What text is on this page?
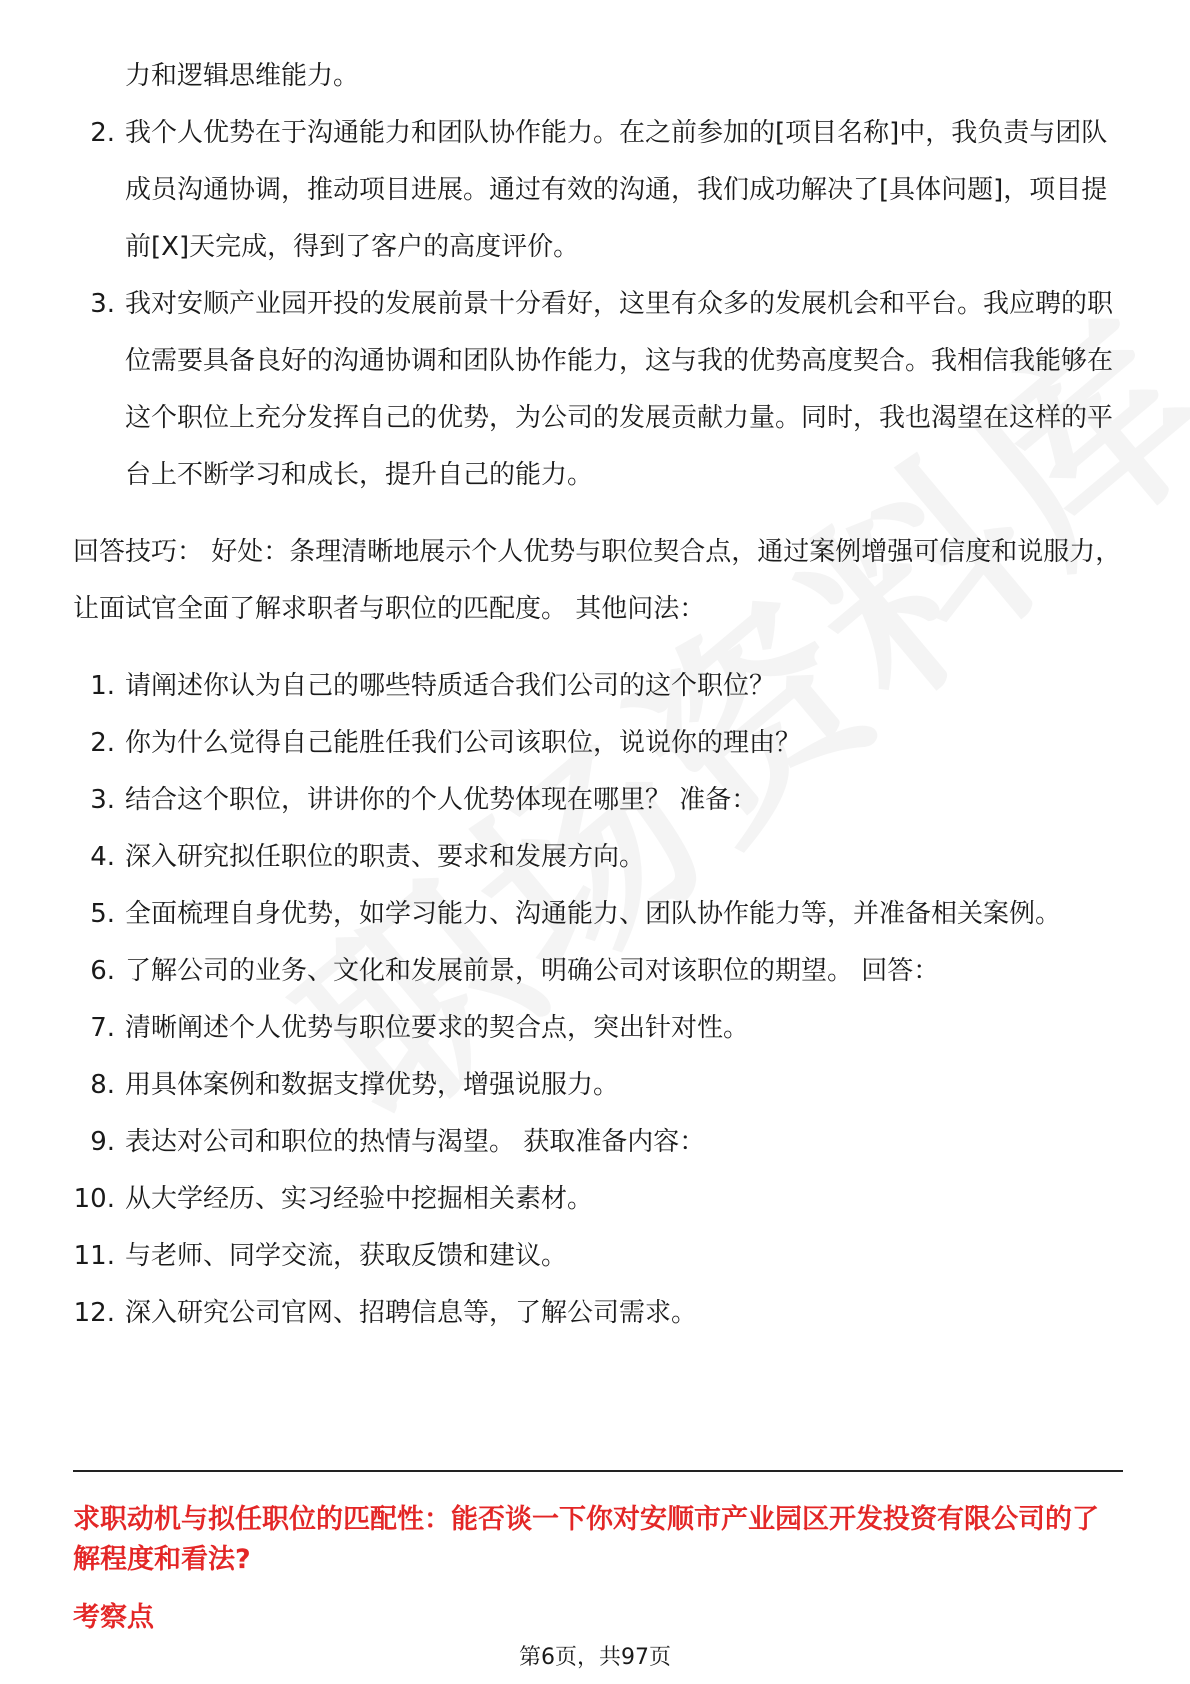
力和逻辑思维能力。
2. 我个人优势在于沟通能力和团队协作能力。在之前参加的[项目名称]中，我负责与团队成员沟通协调，推动项目进展。通过有效的沟通，我们成功解决了[具体问题]，项目提前[X]天完成，得到了客户的高度评价。
3. 我对安顺产业园开投的发展前景十分看好，这里有众多的发展机会和平台。我应聘的职位需要具备良好的沟通协调和团队协作能力，这与我的优势高度契合。我相信我能够在这个职位上充分发挥自己的优势，为公司的发展贡献力量。同时，我也渴望在这样的平台上不断学习和成长，提升自己的能力。
回答技巧： 好处：条理清晰地展示个人优势与职位契合点，通过案例增强可信度和说服力，让面试官全面了解求职者与职位的匹配度。 其他问法：
1. 请阐述你认为自己的哪些特质适合我们公司的这个职位？
2. 你为什么觉得自己能胜任我们公司该职位，说说你的理由？
3. 结合这个职位，讲讲你的个人优势体现在哪里？ 准备：
4. 深入研究拟任职位的职责、要求和发展方向。
5. 全面梳理自身优势，如学习能力、沟通能力、团队协作能力等，并准备相关案例。
6. 了解公司的业务、文化和发展前景，明确公司对该职位的期望。 回答：
7. 清晰阐述个人优势与职位要求的契合点，突出针对性。
8. 用具体案例和数据支撑优势，增强说服力。
9. 表达对公司和职位的热情与渴望。 获取准备内容：
10. 从大学经历、实习经验中挖掘相关素材。
11. 与老师、同学交流，获取反馈和建议。
12. 深入研究公司官网、招聘信息等，了解公司需求。
求职动机与拟任职位的匹配性：能否谈一下你对安顺市产业园区开发投资有限公司的了解程度和看法?
考察点
第6页，共97页
